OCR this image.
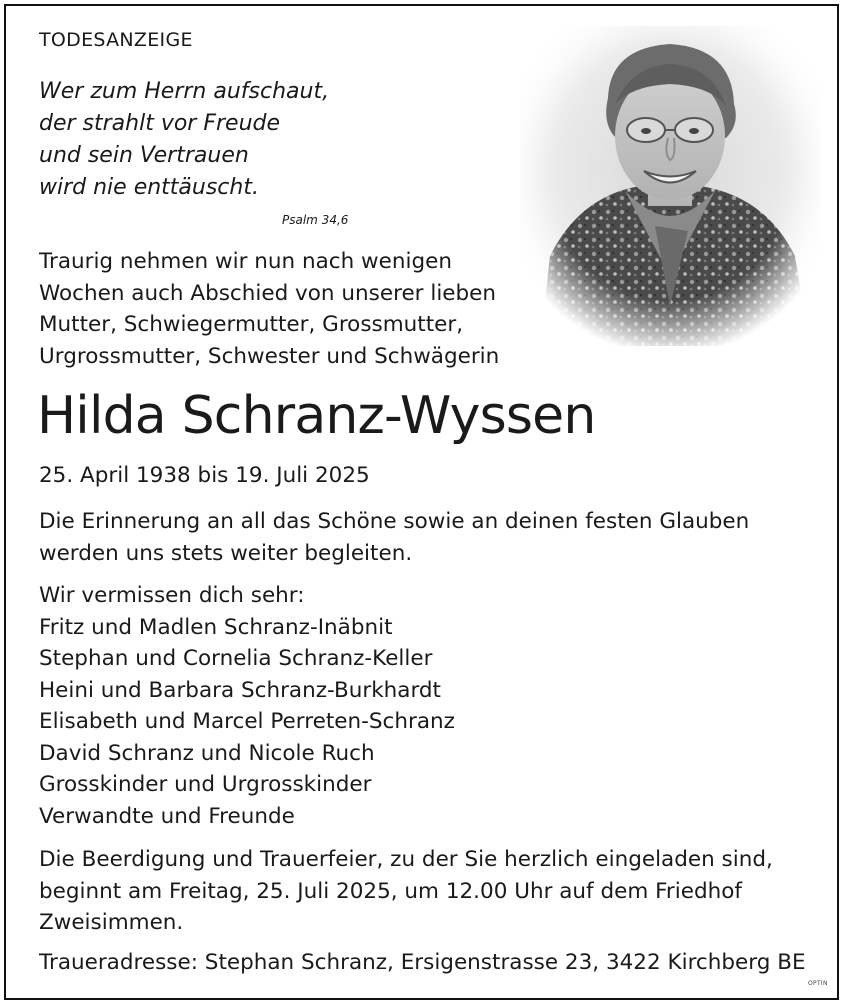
TODESANZEIGE
Wer zum Herrn aufschaut,
der strahlt vor Freude
und sein Vertrauen
wird nie enttäuscht.
Psalm 34,6
Traurig nehmen wir nun nach wenigen
Wochen auch Abschied von unserer lieben
Mutter, Schwiegermutter, Grossmutter,
Urgrossmutter, Schwester und Schwägerin
Hilda Schranz-Wyssen
25. April 1938 bis 19. Juli 2025
Die Erinnerung an all das Schöne sowie an deinen festen Glauben
werden uns stets weiter begleiten.
Wir vermissen dich sehr:
Fritz und Madlen Schranz-Inäbnit
Stephan und Cornelia Schranz-Keller
Heini und Barbara Schranz-Burkhardt
Elisabeth und Marcel Perreten-Schranz
David Schranz und Nicole Ruch
Grosskinder und Urgrosskinder
Verwandte und Freunde
Die Beerdigung und Trauerfeier, zu der Sie herzlich eingeladen sind,
beginnt am Freitag, 25. Juli 2025, um 12.00 Uhr auf dem Friedhof
Zweisimmen.
Traueradresse: Stephan Schranz, Ersigenstrasse 23, 3422 Kirchberg BE
OPTIN
